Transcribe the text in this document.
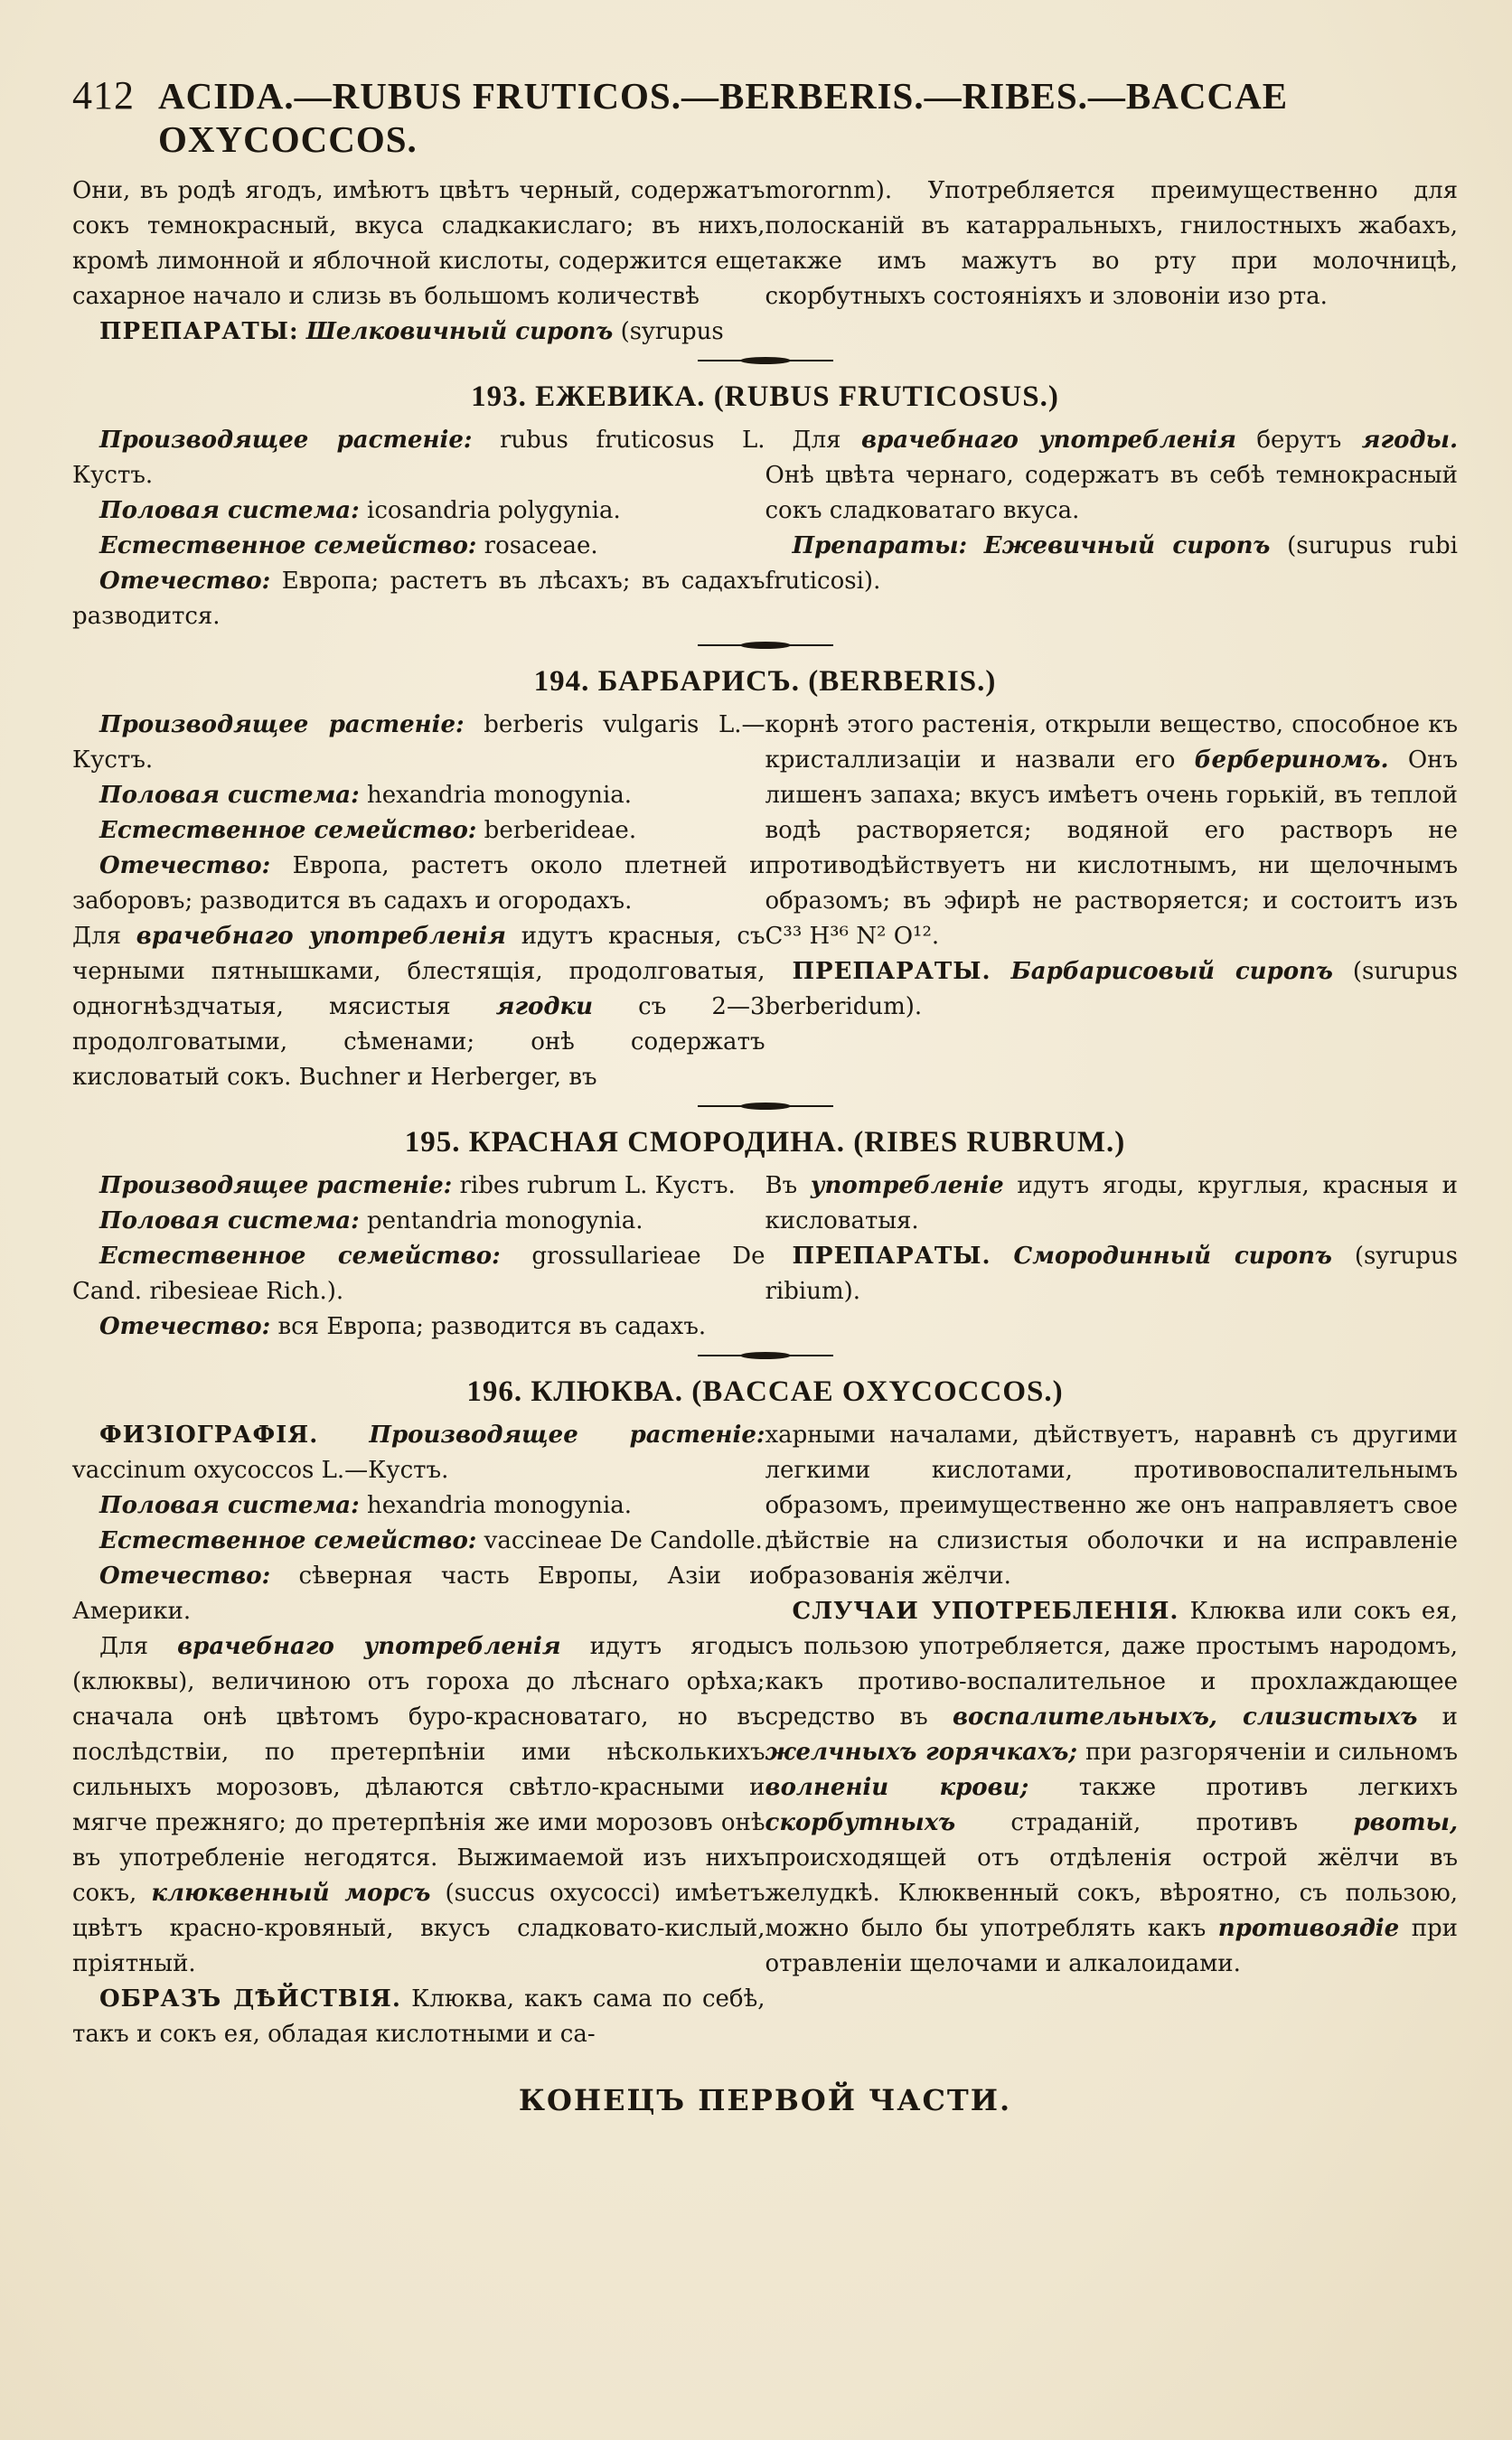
412 ACIDA.—RUBUS FRUTICOS.—BERBERIS.—RIBES.—BACCAE OXYCOCCOS.

Они, въ родѣ ягодъ, имѣютъ цвѣтъ черный, содержатъ сокъ темнокрасный, вкуса сладкакислаго; въ нихъ, кромѣ лимонной и яблочной кислоты, содержится еще сахарное начало и слизь въ большомъ количествѣ

ПРЕПАРАТЫ: Шелковичный сиропъ (syrupus

morornm). Употребляется преимущественно для полосканій въ катарральныхъ, гнилостныхъ жабахъ, также имъ мажутъ во рту при молочницѣ, скорбутныхъ состояніяхъ и зловоніи изо рта.

193. ЕЖЕВИКА. (RUBUS FRUTICOSUS.)

Производящее растеніе: rubus fruticosus L. Кустъ.

Половая система: icosandria polygynia.

Естественное семейство: rosaceae.

Отечество: Европа; растетъ въ лѣсахъ; въ садахъ разводится.

Для врачебнаго употребленія берутъ ягоды. Онѣ цвѣта чернаго, содержатъ въ себѣ темнокрасный сокъ сладковатаго вкуса.

Препараты: Ежевичный сиропъ (surupus rubi fruticosi).

194. БАРБАРИСЪ. (BERBERIS.)

Производящее растеніе: berberis vulgaris L.— Кустъ.

Половая система: hexandria monogynia.

Естественное семейство: berberideae.

Отечество: Европа, растетъ около плетней и заборовъ; разводится въ садахъ и огородахъ.

Для врачебнаго употребленія идутъ красныя, съ черными пятнышками, блестящія, продолговатыя, одногнѣздчатыя, мясистыя ягодки съ 2—3 продолговатыми, сѣменами; онѣ содержатъ кисловатый сокъ. Buchner и Herberger, въ

корнѣ этого растенія, открыли вещество, способное къ кристаллизаціи и назвали его бербериномъ. Онъ лишенъ запаха; вкусъ имѣетъ очень горькій, въ теплой водѣ растворяется; водяной его растворъ не противодѣйствуетъ ни кислотнымъ, ни щелочнымъ образомъ; въ эфирѣ не растворяется; и состоитъ изъ C³³ H³⁶ N² O¹².

ПРЕПАРАТЫ. Барбарисовый сиропъ (surupus berberidum).

195. КРАСНАЯ СМОРОДИНА. (RIBES RUBRUM.)

Производящее растеніе: ribes rubrum L. Кустъ.

Половая система: pentandria monogynia.

Естественное семейство: grossullarieae De Cand. ribesieae Rich.).

Отечество: вся Европа; разводится въ садахъ.

Въ употребленіе идутъ ягоды, круглыя, красныя и кисловатыя.

ПРЕПАРАТЫ. Смородинный сиропъ (syrupus ribium).

196. КЛЮКВА. (BACCAE OXYCOCCOS.)

ФИЗІОГРАФІЯ. Производящее растеніе: vaccinum oxycoccos L.—Кустъ.

Половая система: hexandria monogynia.

Естественное семейство: vaccineae De Candolle.

Отечество: сѣверная часть Европы, Азіи и Америки.

Для врачебнаго употребленія идутъ ягоды (клюквы), величиною отъ гороха до лѣснаго орѣха; сначала онѣ цвѣтомъ буро-красноватаго, но въ послѣдствіи, по претерпѣніи ими нѣсколькихъ сильныхъ морозовъ, дѣлаются свѣтло-красными и мягче прежняго; до претерпѣнія же ими морозовъ онѣ въ употребленіе негодятся. Выжимаемой изъ нихъ сокъ, клюквенный морсъ (succus oxycocci) имѣетъ цвѣтъ красно-кровяный, вкусъ сладковато-кислый, пріятный.

ОБРАЗЪ ДѢЙСТВІЯ. Клюква, какъ сама по себѣ, такъ и сокъ ея, обладая кислотными и са-

харными началами, дѣйствуетъ, наравнѣ съ другими легкими кислотами, противовоспалительнымъ образомъ, преимущественно же онъ направляетъ свое дѣйствіе на слизистыя оболочки и на исправленіе образованія жёлчи.

СЛУЧАИ УПОТРЕБЛЕНІЯ. Клюква или сокъ ея, съ пользою употребляется, даже простымъ народомъ, какъ противо-воспалительное и прохлаждающее средство въ воспалительныхъ, слизистыхъ и желчныхъ горячкахъ; при разгоряченіи и сильномъ волненіи крови; также противъ легкихъ скорбутныхъ страданій, противъ рвоты, происходящей отъ отдѣленія острой жёлчи въ желудкѣ. Клюквенный сокъ, вѣроятно, съ пользою, можно было бы употреблять какъ противоядіе при отравленіи щелочами и алкалоидами.

КОНЕЦЪ ПЕРВОЙ ЧАСТИ.
